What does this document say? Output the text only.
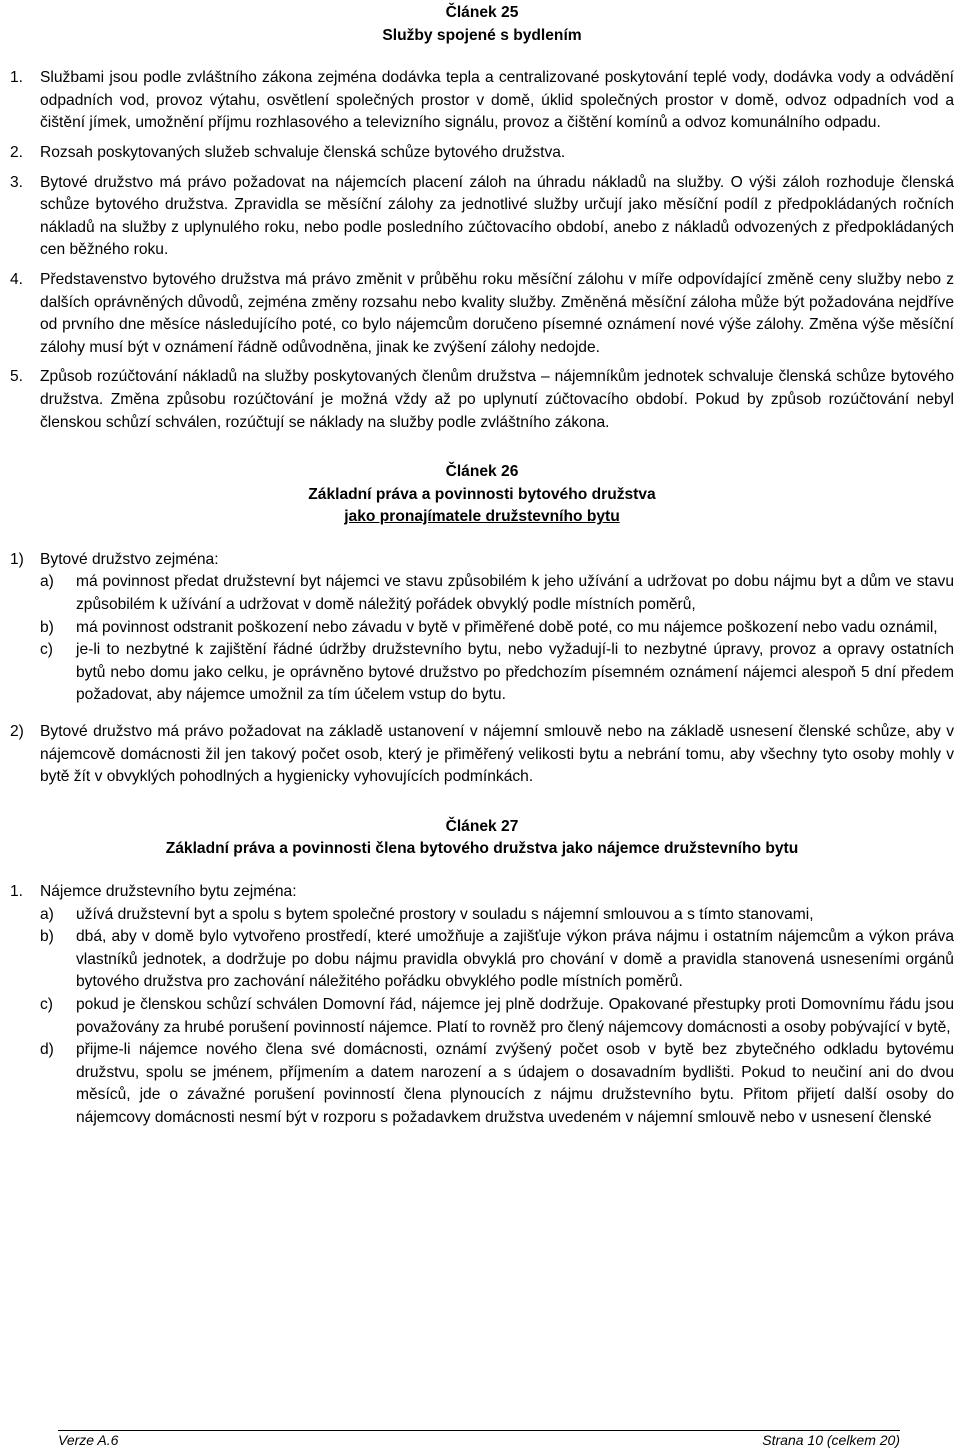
Článek 25

Služby spojené s bydlením

1.	Službami jsou podle zvláštního zákona zejména dodávka tepla a centralizované poskytování teplé vody, dodávka vody a odvádění odpadních vod, provoz výtahu, osvětlení společných prostor v domě, úklid společných prostor v domě, odvoz odpadních vod a čištění jímek, umožnění příjmu rozhlasového a televizního signálu, provoz a čištění komínů a odvoz komunálního odpadu.
2.	Rozsah poskytovaných služeb schvaluje členská schůze bytového družstva.
3.	Bytové družstvo má právo požadovat na nájemcích placení záloh na úhradu nákladů na služby. O výši záloh rozhoduje členská schůze bytového družstva. Zpravidla se měsíční zálohy za jednotlivé služby určují jako měsíční podíl z předpokládaných ročních nákladů na služby z uplynulého roku, nebo podle posledního zúčtovacího období, anebo z nákladů odvozených z předpokládaných cen běžného roku.
4.	Představenstvo bytového družstva má právo změnit v průběhu roku měsíční zálohu v míře odpovídající změně ceny služby nebo z dalších oprávněných důvodů, zejména změny rozsahu nebo kvality služby. Změněná měsíční záloha může být požadována nejdříve od prvního dne měsíce následujícího poté, co bylo nájemcům doručeno písemné oznámení nové výše zálohy. Změna výše měsíční zálohy musí být v oznámení řádně odůvodněna, jinak ke zvýšení zálohy nedojde.
5.	Způsob rozúčtování nákladů na služby poskytovaných členům družstva – nájemníkům jednotek schvaluje členská schůze bytového družstva. Změna způsobu rozúčtování je možná vždy až po uplynutí zúčtovacího období. Pokud by způsob rozúčtování nebyl členskou schůzí schválen, rozúčtují se náklady na služby podle zvláštního zákona.

Článek 26

Základní práva a povinnosti bytového družstva

jako pronajímatele družstevního bytu

1)	Bytové družstvo zejména:
a)	má povinnost předat družstevní byt nájemci ve stavu způsobilém k jeho užívání a udržovat po dobu nájmu byt a dům ve stavu způsobilém k užívání a udržovat v domě náležitý pořádek obvyklý podle místních poměrů,
b)	má povinnost odstranit poškození nebo závadu v bytě v přiměřené době poté, co mu nájemce poškození nebo vadu oznámil,
c)	je-li to nezbytné k zajištění řádné údržby družstevního bytu, nebo vyžadují-li to nezbytné úpravy, provoz a opravy ostatních bytů nebo domu jako celku, je oprávněno bytové družstvo po předchozím písemném oznámení nájemci alespoň 5 dní předem požadovat, aby nájemce umožnil za tím účelem vstup do bytu.
2)	Bytové družstvo má právo požadovat na základě ustanovení v nájemní smlouvě nebo na základě usnesení členské schůze, aby v nájemcově domácnosti žil jen takový počet osob, který je přiměřený velikosti bytu a nebrání tomu, aby všechny tyto osoby mohly v bytě žít v obvyklých pohodlných a hygienicky vyhovujících podmínkách.

Článek 27

Základní práva a povinnosti člena bytového družstva jako nájemce družstevního bytu

1.	Nájemce družstevního bytu zejména:
a)	užívá družstevní byt a spolu s bytem společné prostory v souladu s nájemní smlouvou a s tímto stanovami,
b)	dbá, aby v domě bylo vytvořeno prostředí, které umožňuje a zajišťuje výkon práva nájmu i ostatním nájemcům a výkon práva vlastníků jednotek, a dodržuje po dobu nájmu pravidla obvyklá pro chování v domě a pravidla stanovená usneseními orgánů bytového družstva pro zachování náležitého pořádku obvyklého podle místních poměrů.
c)	pokud je členskou schůzí schválen Domovní řád, nájemce jej plně dodržuje. Opakované přestupky proti Domovnímu řádu jsou považovány za hrubé porušení povinností nájemce. Platí to rovněž pro člený nájemcovy domácnosti a osoby pobývající v bytě,
d)	přijme-li nájemce nového člena své domácnosti, oznámí zvýšený počet osob v bytě bez zbytečného odkladu bytovému družstvu, spolu se jménem, příjmením a datem narození a s údajem o dosavadním bydlišti. Pokud to neučiní ani do dvou měsíců, jde o závažné porušení povinností člena plynoucích z nájmu družstevního bytu. Přitom přijetí další osoby do nájemcovy domácnosti nesmí být v rozporu s požadavkem družstva uvedeném v nájemní smlouvě nebo v usnesení členské
Verze A.6	Strana 10 (celkem 20)
